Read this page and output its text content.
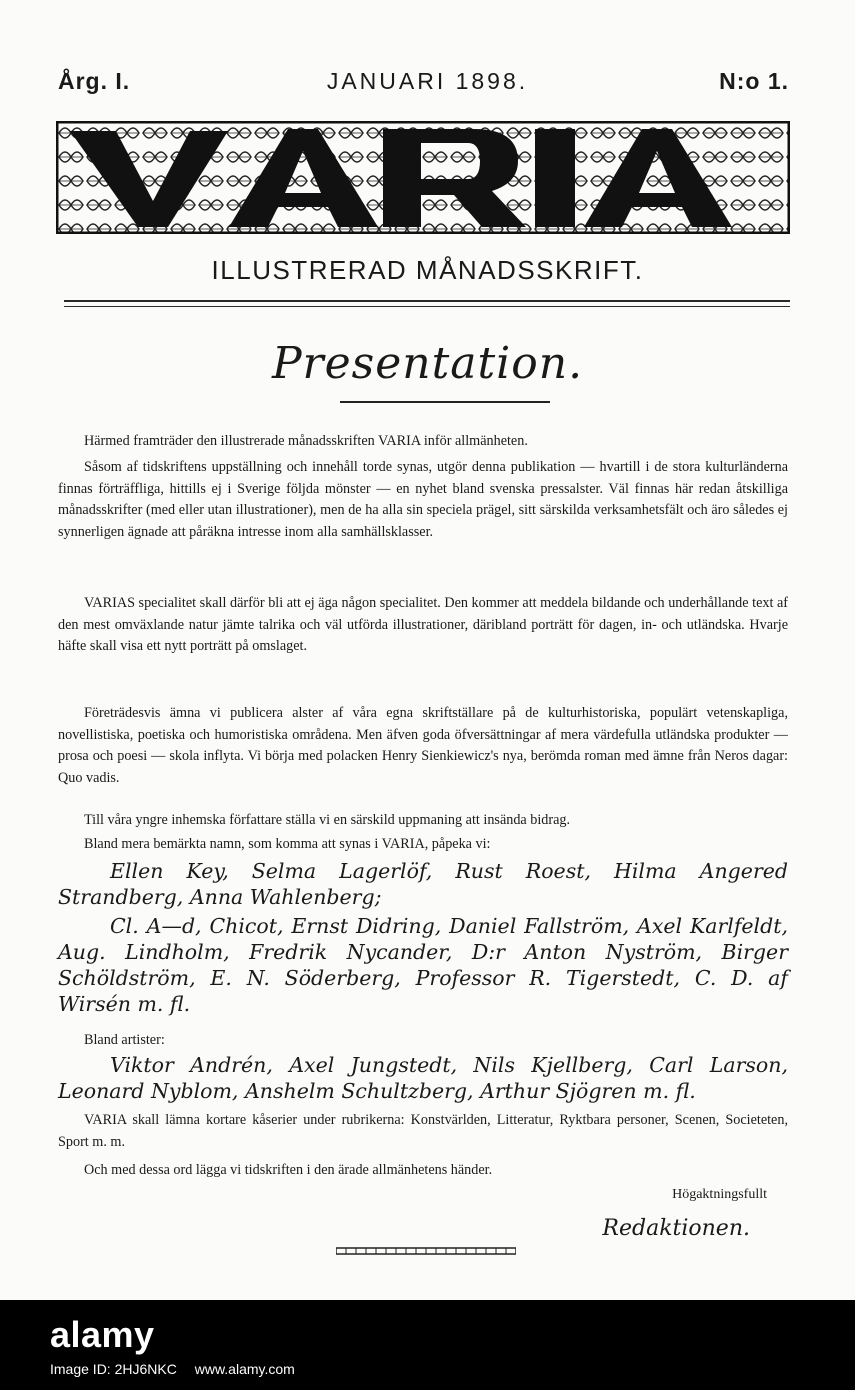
JANUARI 1898.
Årg. I.	N:o 1.
ILLUSTRERAD MÅNADSSKRIFT.
Presentation.

Härmed framträder den illustrerade månadsskriften VARIA inför allmänheten.

Såsom af tidskriftens uppställning och innehåll torde synas, utgör denna publikation — hvartill i de stora kulturländerna finnas förträffliga, hittills ej i Sverige följda mönster — en nyhet bland svenska pressalster. Väl finnas här redan åtskilliga månadsskrifter (med eller utan illustrationer), men de ha alla sin speciela prägel, sitt särskilda verksamhetsfält och äro således ej synnerligen ägnade att påräkna intresse inom alla samhällsklasser.

VARIAS specialitet skall därför bli att ej äga någon specialitet. Den kommer att meddela bildande och underhållande text af den mest omväxlande natur jämte talrika och väl utförda illustrationer, däribland porträtt för dagen, in- och utländska. Hvarje häfte skall visa ett nytt porträtt på omslaget.

Företrädesvis ämna vi publicera alster af våra egna skriftställare på de kulturhistoriska, populärt vetenskapliga, novellistiska, poetiska och humoristiska områdena. Men äfven goda öfversättningar af mera värdefulla utländska produkter — prosa och poesi — skola inflyta. Vi börja med polacken Henry Sienkiewicz's nya, berömda roman med ämne från Neros dagar: Quo vadis.

Till våra yngre inhemska författare ställa vi en särskild uppmaning att insända bidrag.

Bland mera bemärkta namn, som komma att synas i VARIA, påpeka vi:

Ellen Key, Selma Lagerlöf, Rust Roest, Hilma Angered Strandberg, Anna Wahlenberg;

Cl. A—d, Chicot, Ernst Didring, Daniel Fallström, Axel Karlfeldt, Aug. Lindholm, Fredrik Nycander, D:r Anton Nyström, Birger Schöldström, E. N. Söderberg, Professor R. Tigerstedt, C. D. af Wirsén m. fl.

Bland artister:

Viktor Andrén, Axel Jungstedt, Nils Kjellberg, Carl Larson, Leonard Nyblom, Anshelm Schultzberg, Arthur Sjögren m. fl.

VARIA skall lämna kortare kåserier under rubrikerna: Konstvärlden, Litteratur, Ryktbara personer, Scenen, Societeten, Sport m. m.

Och med dessa ord lägga vi tidskriften i den ärade allmänhetens händer.

Högaktningsfullt
Redaktionen.
alamy
Image ID: 2HJ6NKC www.alamy.com
